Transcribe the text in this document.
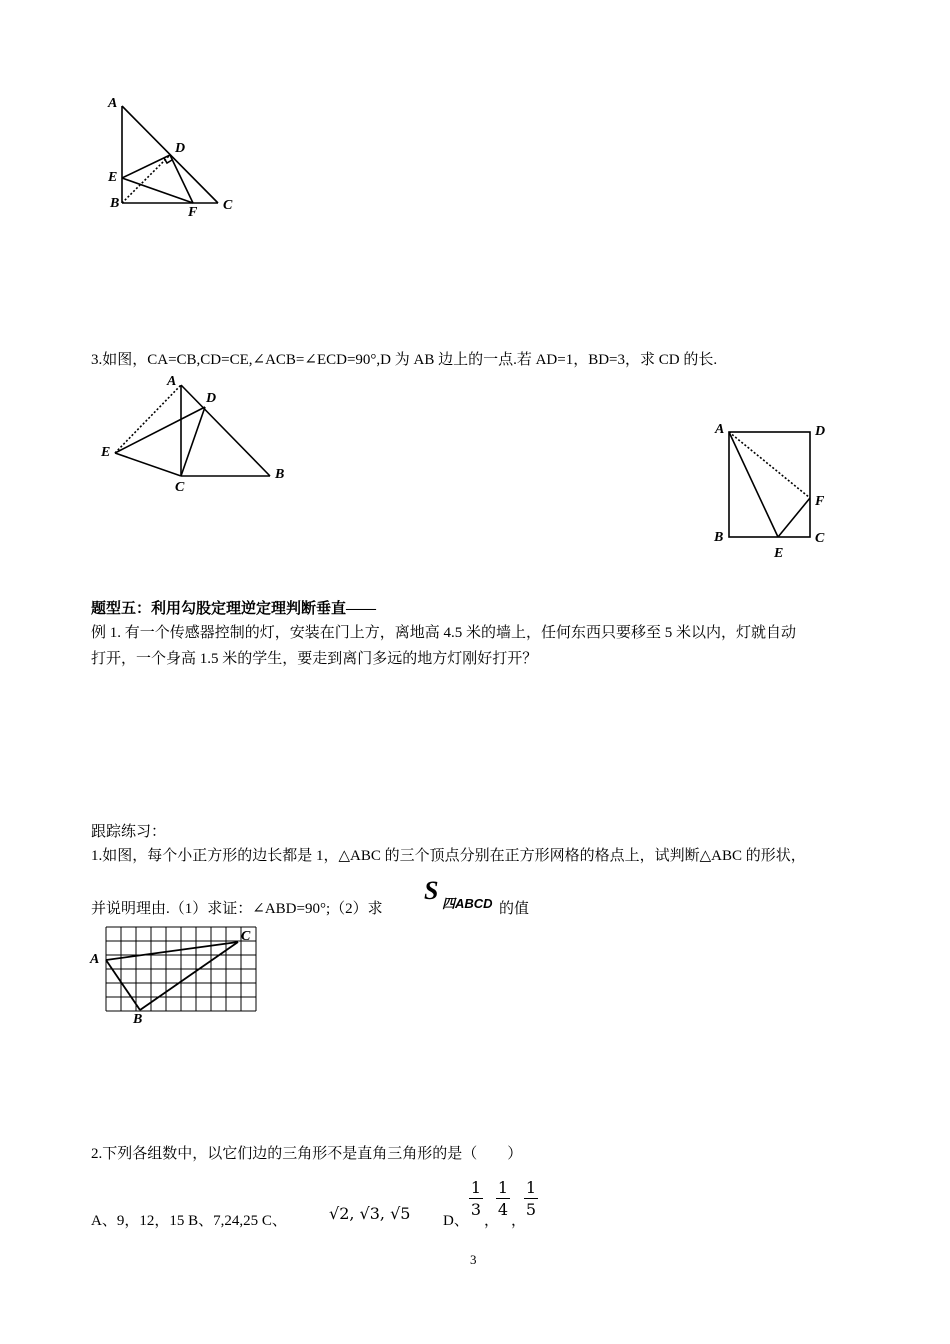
A
D
E
B
F C
3.如图，CA=CB,CD=CE,∠ACB=∠ECD=90°,D 为 AB 边上的一点.若 AD=1，BD=3，求 CD 的长.
A
D
E
C
B
A	D
F
B
E
C
题型五：利用勾股定理逆定理判断垂直——
例 1. 有一个传感器控制的灯，安装在门上方，离地高 4.5 米的墙上，任何东西只要移至 5 米以内，灯就自动
打开，一个身高 1.5 米的学生，要走到离门多远的地方灯刚好打开？
跟踪练习：
1.如图，每个小正方形的边长都是 1，△ABC 的三个顶点分别在正方形网格的格点上，试判断△ABC 的形状，
并说明理由.（1）求证：∠ABD=90°;（2）求
S 四ABCD 的值
A
C
B
2.下列各组数中，以它们边的三角形不是直角三角形的是（　　）
A、9，12，15 B、7,24,25 C、	√2, √3, √5 D、
1
3
，
1
4
，
1
5
3
